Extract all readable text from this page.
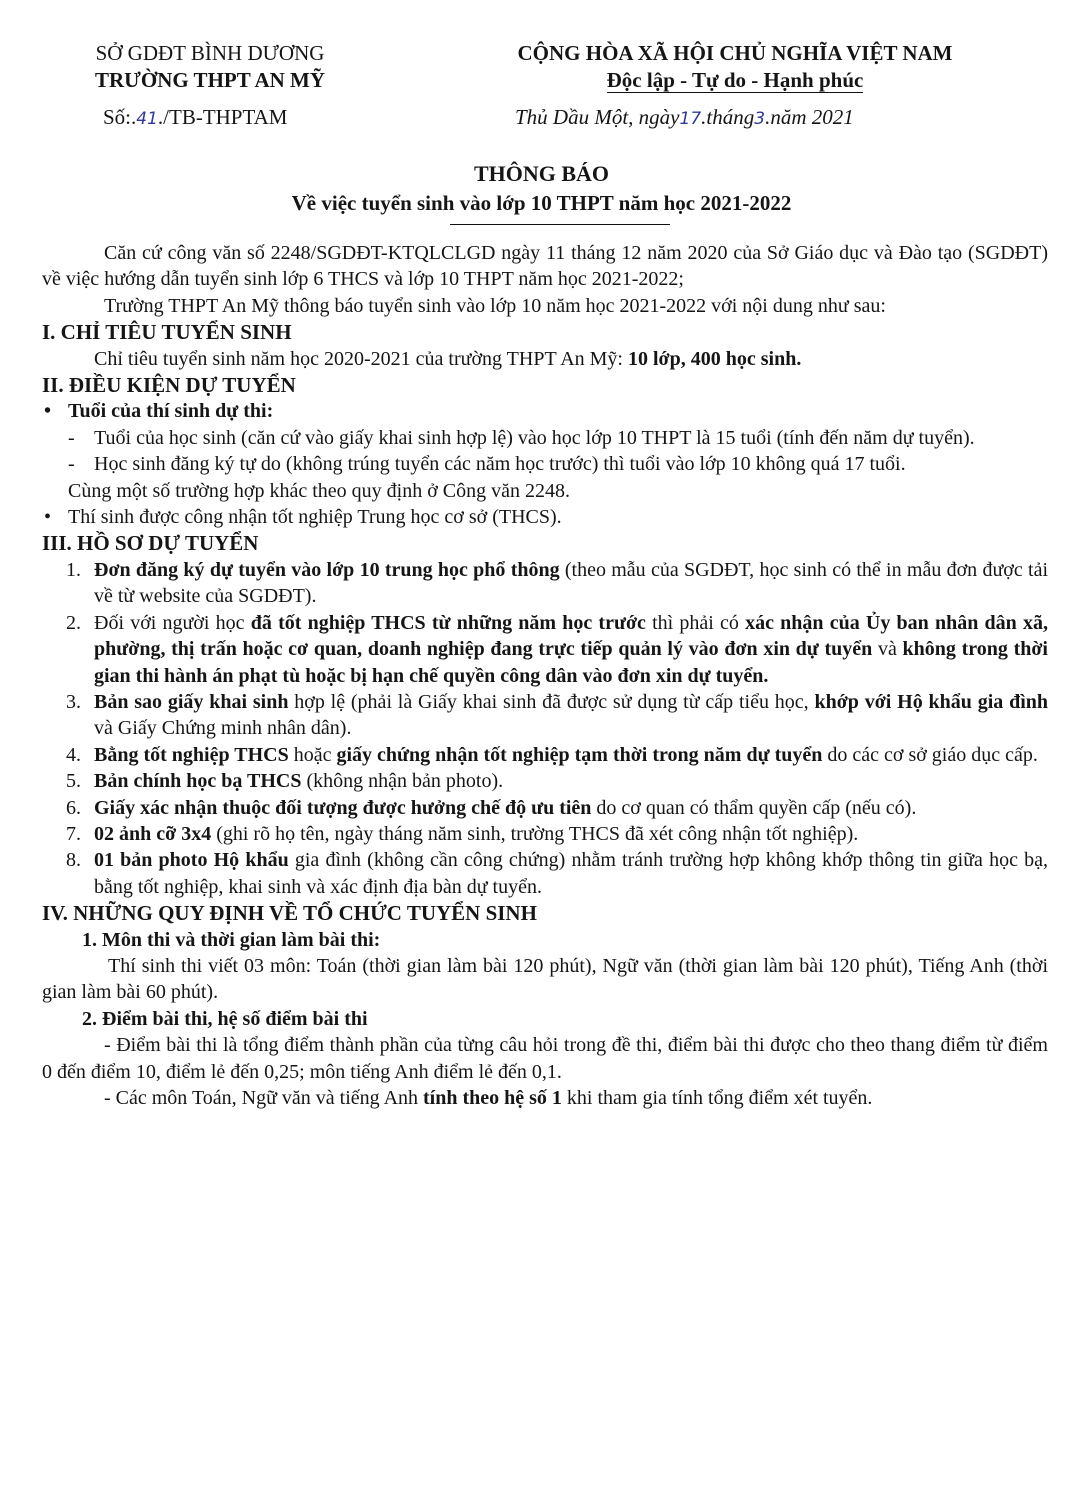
SỞ GDĐT BÌNH DƯƠNG
TRƯỜNG THPT AN MỸ
Số:.41./TB-THPTAM
CỘNG HÒA XÃ HỘI CHỦ NGHĨA VIỆT NAM
Độc lập - Tự do - Hạnh phúc
Thủ Dầu Một, ngày17.tháng3.năm 2021
THÔNG BÁO
Về việc tuyển sinh vào lớp 10 THPT năm học 2021-2022

Căn cứ công văn số 2248/SGDĐT-KTQLCLGD ngày 11 tháng 12 năm 2020 của Sở Giáo dục và Đào tạo (SGDĐT) về việc hướng dẫn tuyển sinh lớp 6 THCS và lớp 10 THPT năm học 2021-2022;

Trường THPT An Mỹ thông báo tuyển sinh vào lớp 10 năm học 2021-2022 với nội dung như sau:

I. CHỈ TIÊU TUYỂN SINH

Chỉ tiêu tuyển sinh năm học 2020-2021 của trường THPT An Mỹ: 10 lớp, 400 học sinh.

II. ĐIỀU KIỆN DỰ TUYỂN

• Tuổi của thí sinh dự thi:

- Tuổi của học sinh (căn cứ vào giấy khai sinh hợp lệ) vào học lớp 10 THPT là 15 tuổi (tính đến năm dự tuyển).

- Học sinh đăng ký tự do (không trúng tuyển các năm học trước) thì tuổi vào lớp 10 không quá 17 tuổi.

Cùng một số trường hợp khác theo quy định ở Công văn 2248.

• Thí sinh được công nhận tốt nghiệp Trung học cơ sở (THCS).

III. HỒ SƠ DỰ TUYỂN

1. Đơn đăng ký dự tuyển vào lớp 10 trung học phổ thông (theo mẫu của SGDĐT, học sinh có thể in mẫu đơn được tải về từ website của SGDĐT).

2. Đối với người học đã tốt nghiệp THCS từ những năm học trước thì phải có xác nhận của Ủy ban nhân dân xã, phường, thị trấn hoặc cơ quan, doanh nghiệp đang trực tiếp quản lý vào đơn xin dự tuyển và không trong thời gian thi hành án phạt tù hoặc bị hạn chế quyền công dân vào đơn xin dự tuyển.

3. Bản sao giấy khai sinh hợp lệ (phải là Giấy khai sinh đã được sử dụng từ cấp tiểu học, khớp với Hộ khẩu gia đình và Giấy Chứng minh nhân dân).

4. Bằng tốt nghiệp THCS hoặc giấy chứng nhận tốt nghiệp tạm thời trong năm dự tuyển do các cơ sở giáo dục cấp.

5. Bản chính học bạ THCS (không nhận bản photo).

6. Giấy xác nhận thuộc đối tượng được hưởng chế độ ưu tiên do cơ quan có thẩm quyền cấp (nếu có).

7. 02 ảnh cỡ 3x4 (ghi rõ họ tên, ngày tháng năm sinh, trường THCS đã xét công nhận tốt nghiệp).

8. 01 bản photo Hộ khẩu gia đình (không cần công chứng) nhằm tránh trường hợp không khớp thông tin giữa học bạ, bằng tốt nghiệp, khai sinh và xác định địa bàn dự tuyển.

IV. NHỮNG QUY ĐỊNH VỀ TỔ CHỨC TUYỂN SINH

1. Môn thi và thời gian làm bài thi:

Thí sinh thi viết 03 môn: Toán (thời gian làm bài 120 phút), Ngữ văn (thời gian làm bài 120 phút), Tiếng Anh (thời gian làm bài 60 phút).

2. Điểm bài thi, hệ số điểm bài thi

- Điểm bài thi là tổng điểm thành phần của từng câu hỏi trong đề thi, điểm bài thi được cho theo thang điểm từ điểm 0 đến điểm 10, điểm lẻ đến 0,25; môn tiếng Anh điểm lẻ đến 0,1.

- Các môn Toán, Ngữ văn và tiếng Anh tính theo hệ số 1 khi tham gia tính tổng điểm xét tuyển.
